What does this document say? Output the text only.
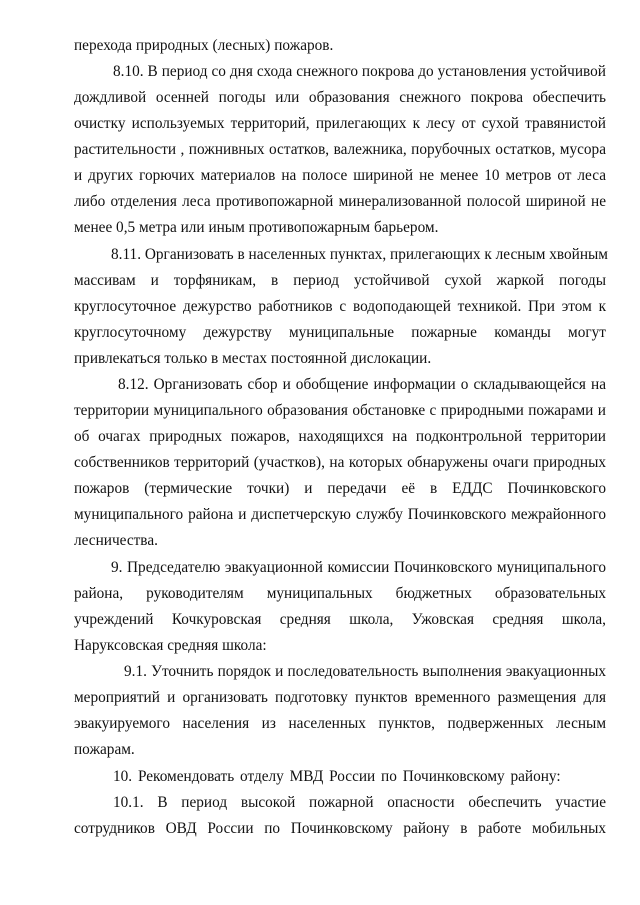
перехода природных (лесных) пожаров.
8.10. В период со дня схода снежного покрова до установления устойчивой
дождливой осенней погоды или образования снежного покрова обеспечить
очистку используемых территорий, прилегающих к лесу от сухой травянистой
растительности , пожнивных остатков, валежника, порубочных остатков, мусора
и других горючих материалов на полосе шириной не менее 10 метров от леса
либо отделения леса противопожарной минерализованной полосой шириной не
менее 0,5 метра или иным противопожарным барьером.
8.11. Организовать в населенных пунктах, прилегающих к лесным хвойным
массивам и торфяникам, в период устойчивой сухой жаркой погоды
круглосуточное дежурство работников с водоподающей техникой. При этом к
круглосуточному дежурству муниципальные пожарные команды могут
привлекаться только в местах постоянной дислокации.
8.12. Организовать сбор и обобщение информации о складывающейся на
территории муниципального образования обстановке с природными пожарами и
об очагах природных пожаров, находящихся на подконтрольной территории
собственников территорий (участков), на которых обнаружены очаги природных
пожаров (термические точки) и передачи её в ЕДДС Починковского
муниципального района и диспетчерскую службу Починковского межрайонного
лесничества.
9. Председателю эвакуационной комиссии Починковского муниципального
района, руководителям муниципальных бюджетных образовательных
учреждений Кочкуровская средняя школа, Ужовская средняя школа,
Наруксовская средняя школа:
9.1. Уточнить порядок и последовательность выполнения эвакуационных
мероприятий и организовать подготовку пунктов временного размещения для
эвакуируемого населения из населенных пунктов, подверженных лесным
пожарам.
10. Рекомендовать отделу МВД России по Починковскому району:
10.1. В период высокой пожарной опасности обеспечить участие
сотрудников ОВД России по Починковскому району в работе мобильных
